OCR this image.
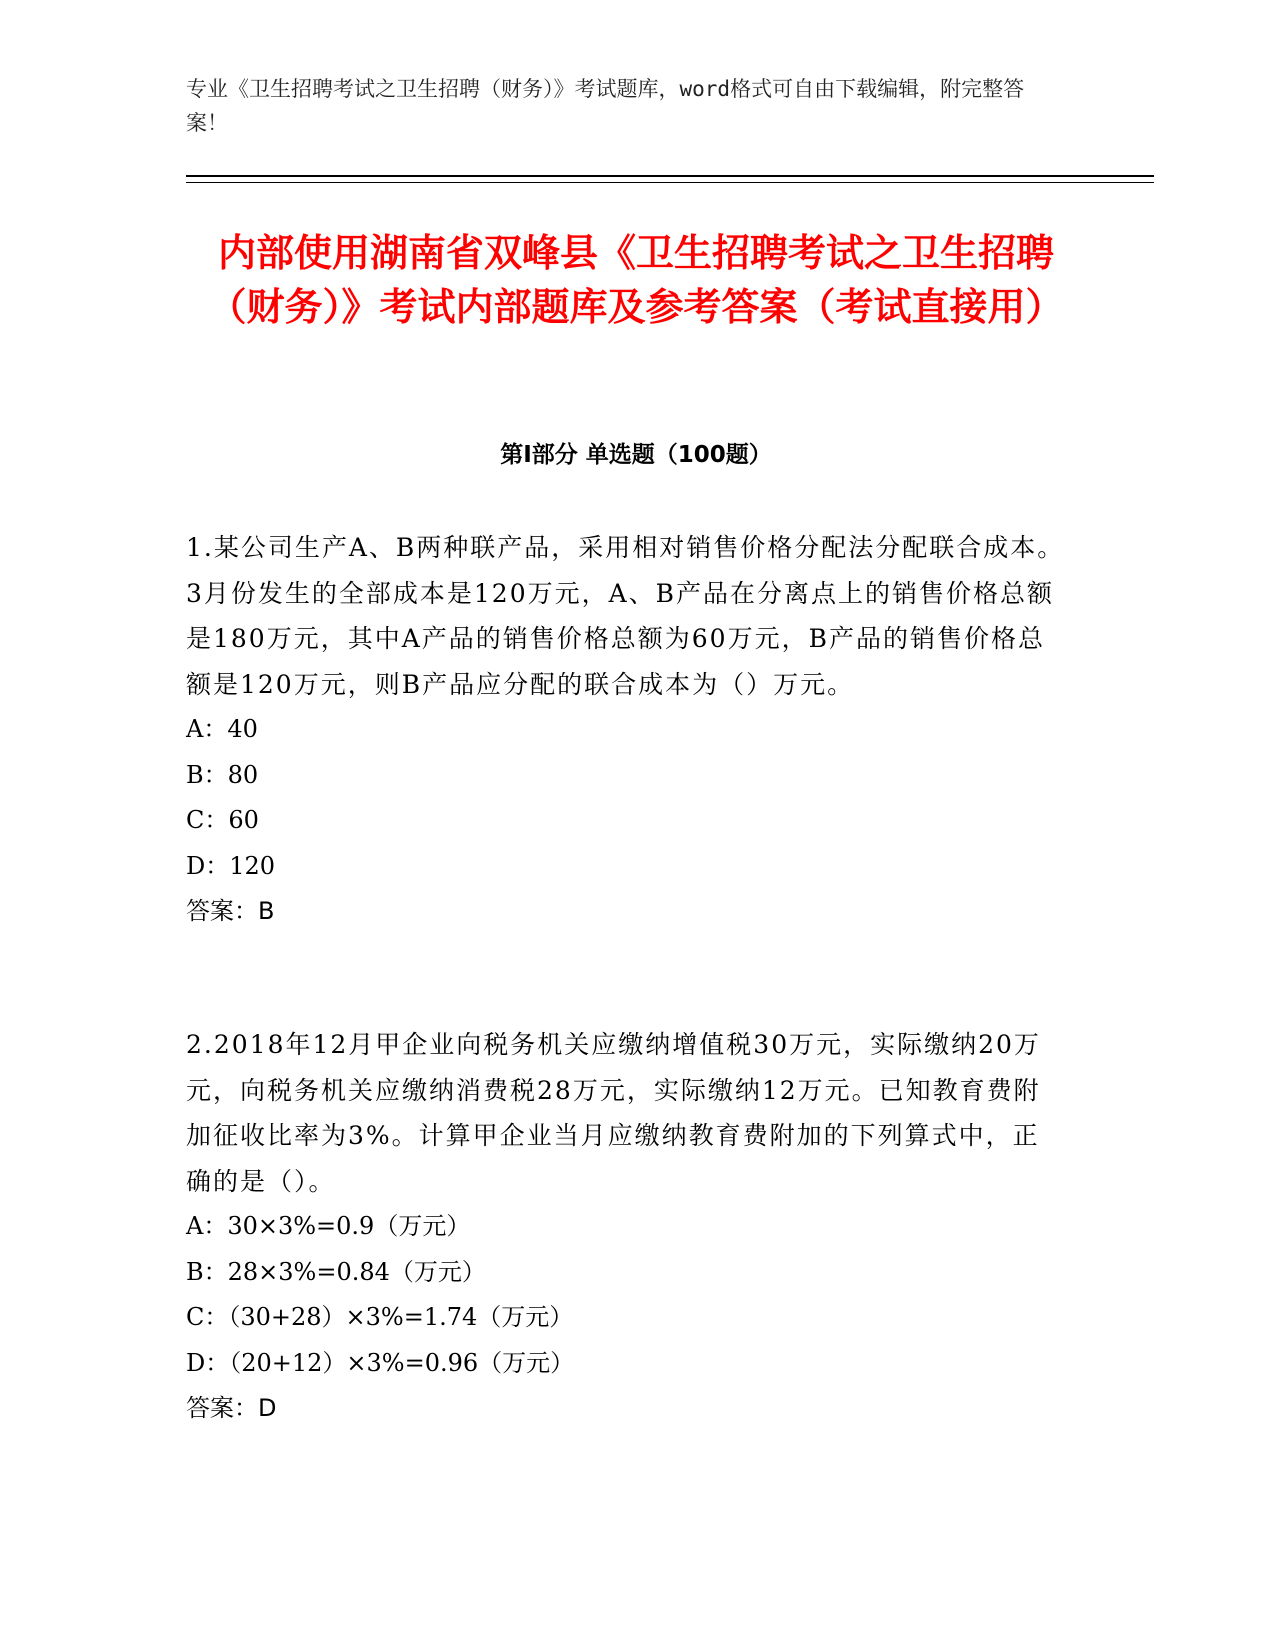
专业《卫生招聘考试之卫生招聘（财务）》考试题库，word格式可自由下载编辑，附完整答案！
内部使用湖南省双峰县《卫生招聘考试之卫生招聘（财务）》考试内部题库及参考答案（考试直接用）
第Ⅰ部分 单选题（100题）
1.某公司生产A、B两种联产品，采用相对销售价格分配法分配联合成本。3月份发生的全部成本是120万元，A、B产品在分离点上的销售价格总额是180万元，其中A产品的销售价格总额为60万元，B产品的销售价格总额是120万元，则B产品应分配的联合成本为（）万元。
A：40
B：80
C：60
D：120
答案：B
2.2018年12月甲企业向税务机关应缴纳增值税30万元，实际缴纳20万元，向税务机关应缴纳消费税28万元，实际缴纳12万元。已知教育费附加征收比率为3%。计算甲企业当月应缴纳教育费附加的下列算式中，正确的是（）。
A：30×3%=0.9（万元）
B：28×3%=0.84（万元）
C：（30+28）×3%=1.74（万元）
D：（20+12）×3%=0.96（万元）
答案：D
